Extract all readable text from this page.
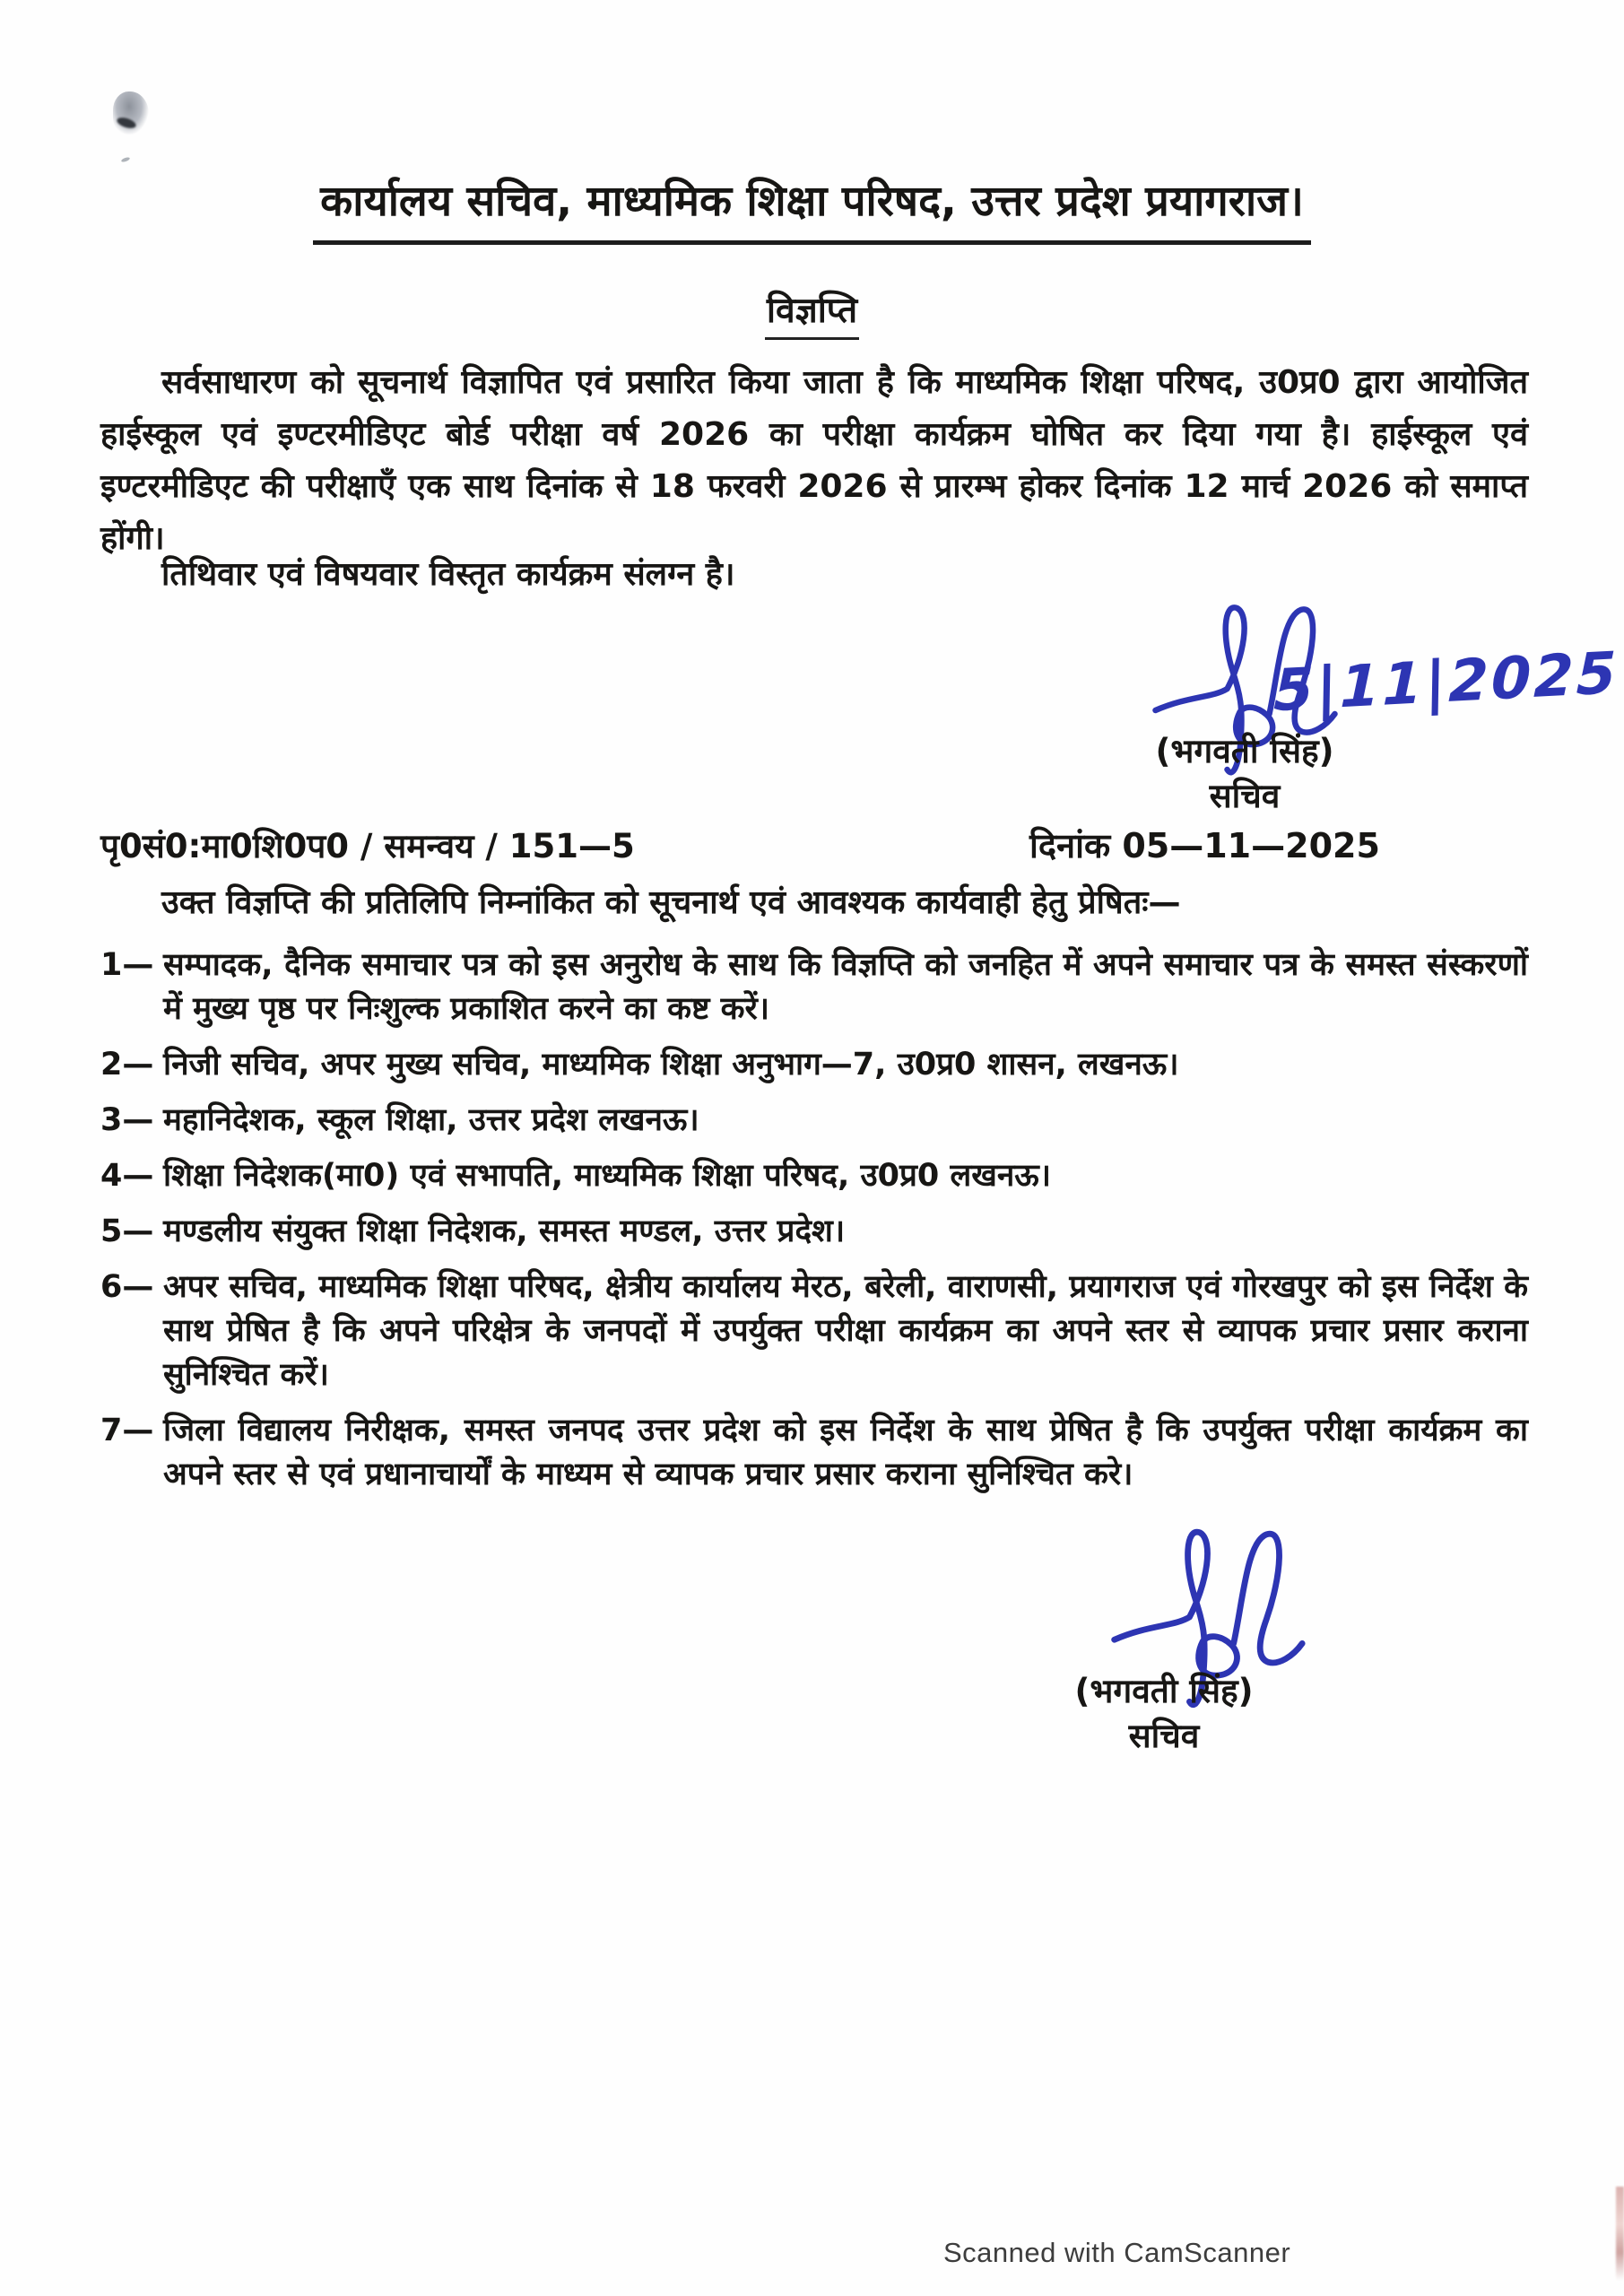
कार्यालय सचिव, माध्यमिक शिक्षा परिषद, उत्तर प्रदेश प्रयागराज।
विज्ञप्ति

सर्वसाधारण को सूचनार्थ विज्ञापित एवं प्रसारित किया जाता है कि माध्यमिक शिक्षा परिषद, उ0प्र0 द्वारा आयोजित हाईस्कूल एवं इण्टरमीडिएट बोर्ड परीक्षा वर्ष 2026 का परीक्षा कार्यक्रम घोषित कर दिया गया है। हाईस्कूल एवं इण्टरमीडिएट की परीक्षाएँ एक साथ दिनांक से 18 फरवरी 2026 से प्रारम्भ होकर दिनांक 12 मार्च 2026 को समाप्त होंगी।

तिथिवार एवं विषयवार विस्तृत कार्यक्रम संलग्न है।

5|11|2025
(भगवती सिंह)
सचिव
पृ0सं0:मा0शि0प0 / समन्वय / 151—5	दिनांक 05—11—2025

उक्त विज्ञप्ति की प्रतिलिपि निम्नांकित को सूचनार्थ एवं आवश्यक कार्यवाही हेतु प्रेषितः—

1— सम्पादक, दैनिक समाचार पत्र को इस अनुरोध के साथ कि विज्ञप्ति को जनहित में अपने समाचार पत्र के समस्त संस्करणों में मुख्य पृष्ठ पर निःशुल्क प्रकाशित करने का कष्ट करें।
2— निजी सचिव, अपर मुख्य सचिव, माध्यमिक शिक्षा अनुभाग—7, उ0प्र0 शासन, लखनऊ।
3— महानिदेशक, स्कूल शिक्षा, उत्तर प्रदेश लखनऊ।
4— शिक्षा निदेशक(मा0) एवं सभापति, माध्यमिक शिक्षा परिषद, उ0प्र0 लखनऊ।
5— मण्डलीय संयुक्त शिक्षा निदेशक, समस्त मण्डल, उत्तर प्रदेश।
6— अपर सचिव, माध्यमिक शिक्षा परिषद, क्षेत्रीय कार्यालय मेरठ, बरेली, वाराणसी, प्रयागराज एवं गोरखपुर को इस निर्देश के साथ प्रेषित है कि अपने परिक्षेत्र के जनपदों में उपर्युक्त परीक्षा कार्यक्रम का अपने स्तर से व्यापक प्रचार प्रसार कराना सुनिश्चित करें।
7— जिला विद्यालय निरीक्षक, समस्त जनपद उत्तर प्रदेश को इस निर्देश के साथ प्रेषित है कि उपर्युक्त परीक्षा कार्यक्रम का अपने स्तर से एवं प्रधानाचार्यों के माध्यम से व्यापक प्रचार प्रसार कराना सुनिश्चित करे।
(भगवती सिंह)
सचिव
Scanned with CamScanner
